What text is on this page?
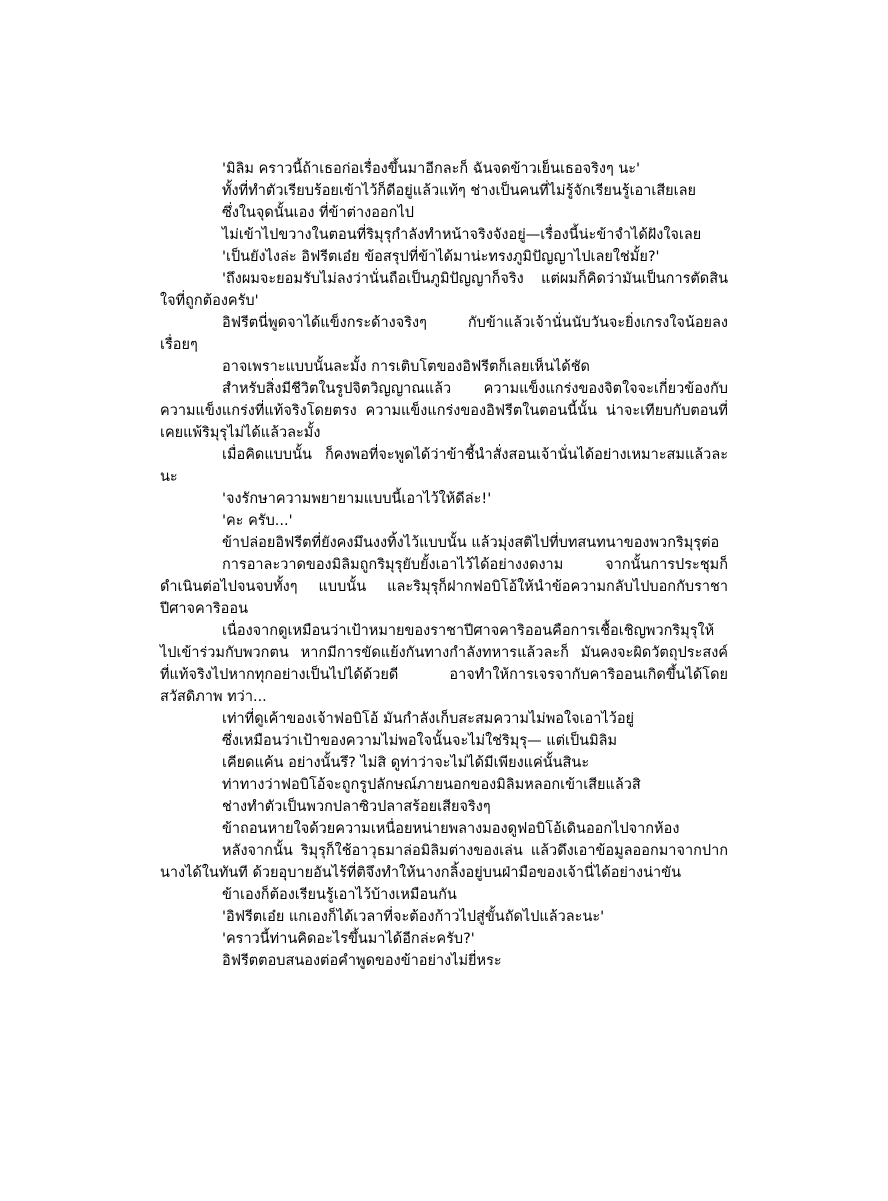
'มิลิม คราวนี้ถ้าเธอก่อเรื่องขึ้นมาอีกละก็ ฉันจดข้าวเย็นเธอจริงๆ นะ'

ทั้งที่ทำตัวเรียบร้อยเข้าไว้ก็ดีอยู่แล้วแท้ๆ ช่างเป็นคนที่ไม่รู้จักเรียนรู้เอาเสียเลย

ซึ่งในจุดนั้นเอง ที่ข้าต่างออกไป

ไม่เข้าไปขวางในตอนที่ริมุรุกำลังทำหน้าจริงจังอยู่—เรื่องนี้น่ะข้าจำได้ฝังใจเลย

'เป็นยังไงล่ะ อิฟรีตเอ๋ย ข้อสรุปที่ข้าได้มาน่ะทรงภูมิปัญญาไปเลยใช่มั้ย?'

'ถึงผมจะยอมรับไม่ลงว่านั่นถือเป็นภูมิปัญญาก็จริง แต่ผมก็คิดว่ามันเป็นการตัดสินใจที่ถูกต้องครับ'

อิฟรีตนี่พูดจาได้แข็งกระด้างจริงๆ กับข้าแล้วเจ้านั่นนับวันจะยิ่งเกรงใจน้อยลงเรื่อยๆ

อาจเพราะแบบนั้นละมั้ง การเติบโตของอิฟรีตก็เลยเห็นได้ชัด

สำหรับสิ่งมีชีวิตในรูปจิตวิญญาณแล้ว ความแข็งแกร่งของจิตใจจะเกี่ยวข้องกับความแข็งแกร่งที่แท้จริงโดยตรง ความแข็งแกร่งของอิฟรีตในตอนนี้นั้น น่าจะเทียบกับตอนที่เคยแพ้ริมุรุไม่ได้แล้วละมั้ง

เมื่อคิดแบบนั้น ก็คงพอที่จะพูดได้ว่าข้าชี้นำสั่งสอนเจ้านั่นได้อย่างเหมาะสมแล้วละนะ

'จงรักษาความพยายามแบบนี้เอาไว้ให้ดีล่ะ!'

'คะ ครับ...'

ข้าปล่อยอิฟรีตที่ยังคงมึนงงทิ้งไว้แบบนั้น แล้วมุ่งสติไปที่บทสนทนาของพวกริมุรุต่อ

การอาละวาดของมิลิมถูกริมุรุยับยั้งเอาไว้ได้อย่างงดงาม จากนั้นการประชุมก็ดำเนินต่อไปจนจบทั้งๆ แบบนั้น และริมุรุก็ฝากฟอบิโอ้ให้นำข้อความกลับไปบอกกับราชาปีศาจคาริออน

เนื่องจากดูเหมือนว่าเป้าหมายของราชาปีศาจคาริออนคือการเชื้อเชิญพวกริมุรุให้ไปเข้าร่วมกับพวกตน หากมีการขัดแย้งกันทางกำลังทหารแล้วละก็ มันคงจะผิดวัตถุประสงค์ที่แท้จริงไปหากทุกอย่างเป็นไปได้ด้วยดี อาจทำให้การเจรจากับคาริออนเกิดขึ้นได้โดยสวัสดิภาพ ทว่า...

เท่าที่ดูเค้าของเจ้าฟอบิโอ้ มันกำลังเก็บสะสมความไม่พอใจเอาไว้อยู่

ซึ่งเหมือนว่าเป้าของความไม่พอใจนั้นจะไม่ใช่ริมุรุ— แต่เป็นมิลิม

เคียดแค้น อย่างนั้นรึ? ไม่สิ ดูท่าว่าจะไม่ได้มีเพียงแค่นั้นสินะ

ท่าทางว่าฟอบิโอ้จะถูกรูปลักษณ์ภายนอกของมิลิมหลอกเข้าเสียแล้วสิ

ช่างทำตัวเป็นพวกปลาซิวปลาสร้อยเสียจริงๆ

ข้าถอนหายใจด้วยความเหนื่อยหน่ายพลางมองดูฟอบิโอ้เดินออกไปจากห้อง

หลังจากนั้น ริมุรุก็ใช้อาวุธมาล่อมิลิมต่างของเล่น แล้วดึงเอาข้อมูลออกมาจากปากนางได้ในทันที ด้วยอุบายอันไร้ที่ติจึงทำให้นางกลิ้งอยู่บนฝ่ามือของเจ้านี่ได้อย่างน่าขัน

ข้าเองก็ต้องเรียนรู้เอาไว้บ้างเหมือนกัน

'อิฟรีตเอ๋ย แกเองก็ได้เวลาที่จะต้องก้าวไปสู่ขั้นถัดไปแล้วละนะ'

'คราวนี้ท่านคิดอะไรขึ้นมาได้อีกล่ะครับ?'

อิฟรีตตอบสนองต่อคำพูดของข้าอย่างไม่ยี่หระ
